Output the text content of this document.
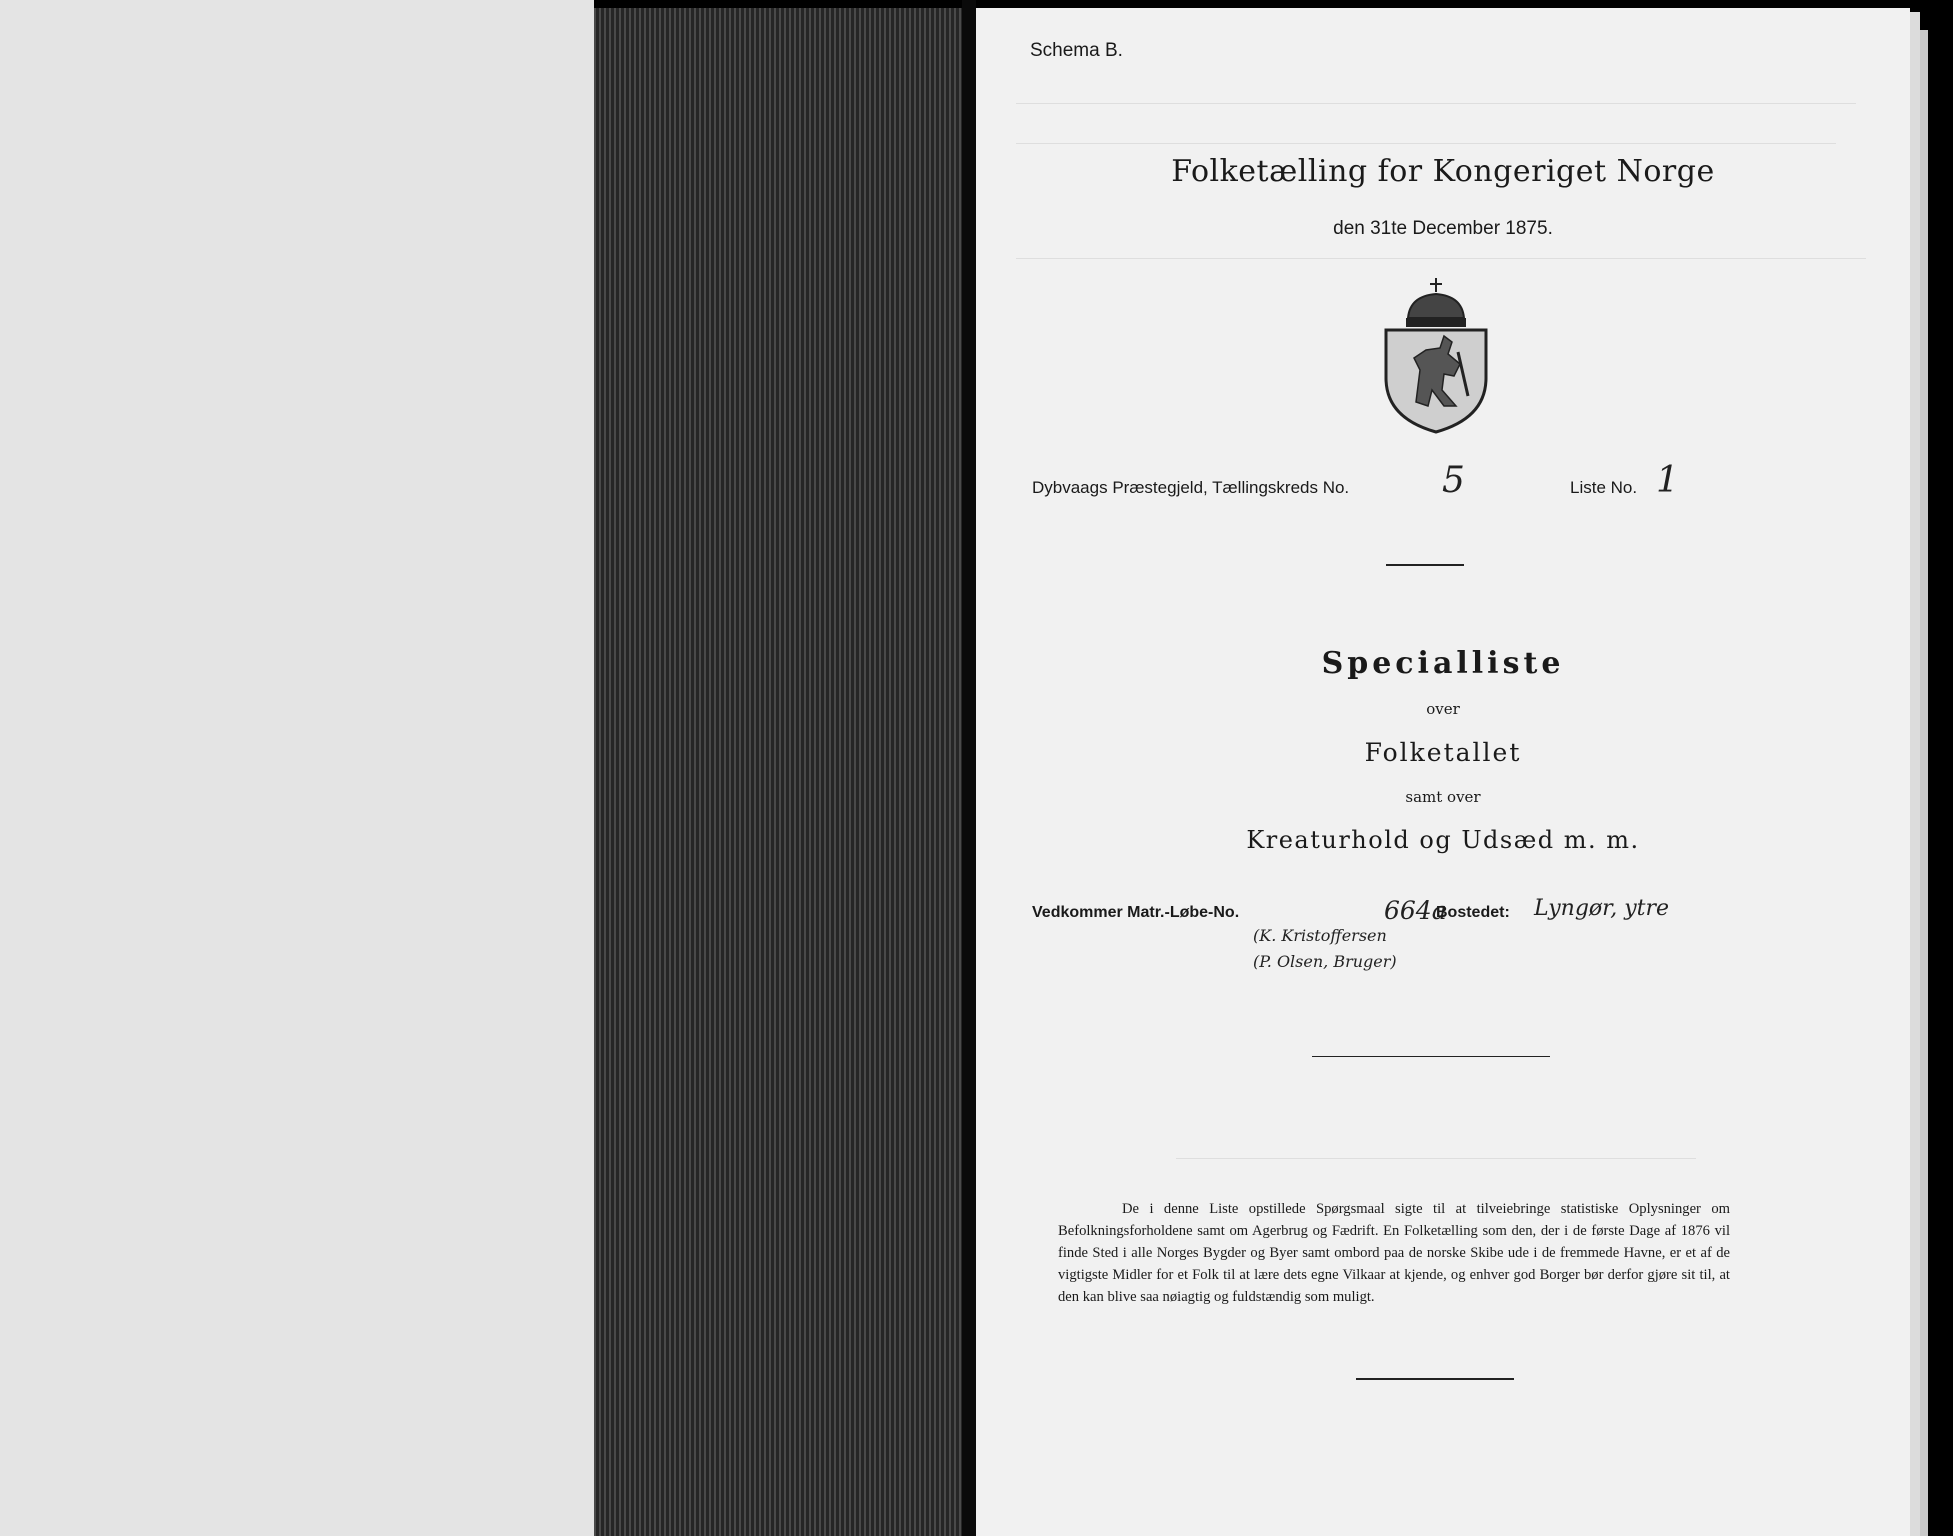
Schema B.
Folketælling for Kongeriget Norge
den 31te December 1875.
Dybvaags Præstegjeld, Tællingskreds No.	5	Liste No. 1
Specialliste
over
Folketallet
samt over
Kreaturhold og Udsæd m. m.
Vedkommer Matr.-Løbe-No.	664a
Bostedet: Lyngør, ytre
(K. Kristoffersen
(P. Olsen, Bruger)

De i denne Liste opstillede Spørgsmaal sigte til at tilveiebringe statistiske Oplysninger om Befolkningsforholdene samt om Agerbrug og Fædrift. En Folketælling som den, der i de første Dage af 1876 vil finde Sted i alle Norges Bygder og Byer samt ombord paa de norske Skibe ude i de fremmede Havne, er et af de vigtigste Midler for et Folk til at lære dets egne Vilkaar at kjende, og enhver god Borger bør derfor gjøre sit til, at den kan blive saa nøiagtig og fuldstændig som muligt.
